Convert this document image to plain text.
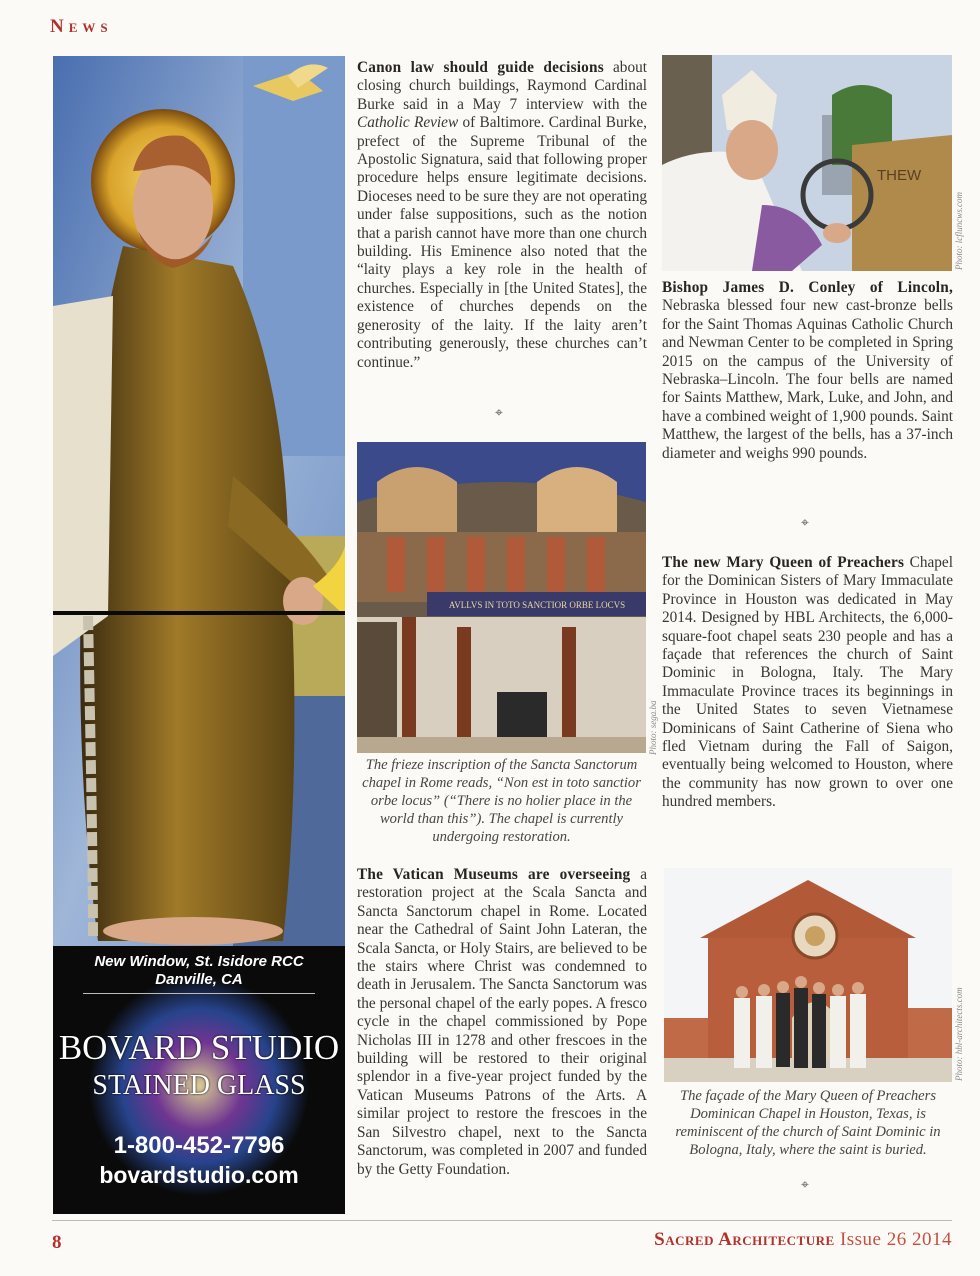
News
New Window, St. Isidore RCC
Danville, CA
BOVARD STUDIO
STAINED GLASS
1-800-452-7796
bovardstudio.com
Canon law should guide decisions about closing church buildings, Raymond Cardinal Burke said in a May 7 interview with the Catholic Review of Baltimore. Cardinal Burke, prefect of the Supreme Tribunal of the Apostolic Signatura, said that following proper procedure helps ensure legitimate decisions. Dioceses need to be sure they are not operating under false suppositions, such as the notion that a parish cannot have more than one church building. His Eminence also noted that the “laity plays a key role in the health of churches. Especially in [the United States], the existence of churches depends on the generosity of the laity. If the laity aren’t contributing generously, these churches can’t continue.”
⌖
AVLLVS IN TOTO SANCTIOR ORBE LOCVS
Photo: sega.ba
The frieze inscription of the Sancta Sanctorum chapel in Rome reads, “Non est in toto sanctior orbe locus” (“There is no holier place in the world than this”). The chapel is currently undergoing restoration.
The Vatican Museums are overseeing a restoration project at the Scala Sancta and Sancta Sanctorum chapel in Rome. Located near the Cathedral of Saint John Lateran, the Scala Sancta, or Holy Stairs, are believed to be the stairs where Christ was condemned to death in Jerusalem. The Sancta Sanctorum was the personal chapel of the early popes. A fresco cycle in the chapel commissioned by Pope Nicholas III in 1278 and other frescoes in the building will be restored to their original splendor in a five-year project funded by the Vatican Museums Patrons of the Arts. A similar project to restore the frescoes in the San Silvestro chapel, next to the Sancta Sanctorum, was completed in 2007 and funded by the Getty Foundation.
THEW
Photo: lcfluncws.com
Bishop James D. Conley of Lincoln, Nebraska blessed four new cast-bronze bells for the Saint Thomas Aquinas Catholic Church and Newman Center to be completed in Spring 2015 on the campus of the University of Nebraska–Lincoln. The four bells are named for Saints Matthew, Mark, Luke, and John, and have a combined weight of 1,900 pounds. Saint Matthew, the largest of the bells, has a 37-inch diameter and weighs 990 pounds.
⌖
The new Mary Queen of Preachers Chapel for the Dominican Sisters of Mary Immaculate Province in Houston was dedicated in May 2014. Designed by HBL Architects, the 6,000-square-foot chapel seats 230 people and has a façade that references the church of Saint Dominic in Bologna, Italy. The Mary Immaculate Province traces its beginnings in the United States to seven Vietnamese Dominicans of Saint Catherine of Siena who fled Vietnam during the Fall of Saigon, eventually being welcomed to Houston, where the community has now grown to over one hundred members.
Photo: hbl-architects.com
The façade of the Mary Queen of Preachers Dominican Chapel in Houston, Texas, is reminiscent of the church of Saint Dominic in Bologna, Italy, where the saint is buried.
⌖
8	Sacred Architecture Issue 26 2014
